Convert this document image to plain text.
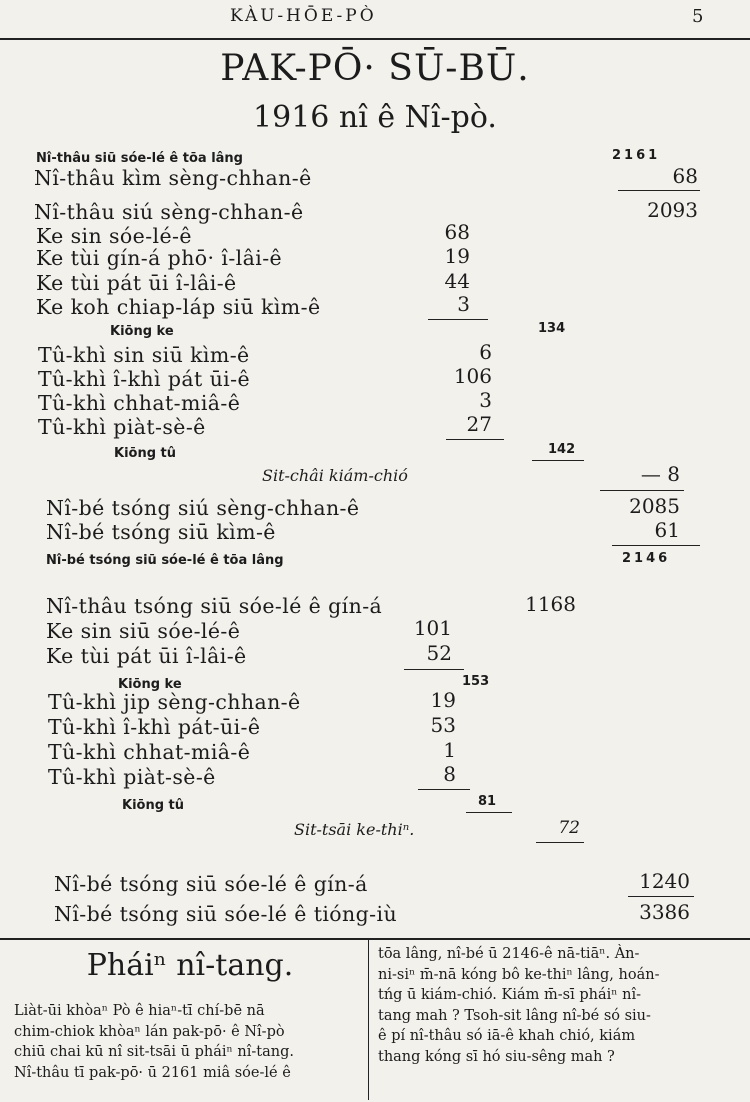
KÀU-HŌE-PÒ	5
PAK-PŌ· SŪ-BŪ.
1916 nî ê Nî-pò.
Nî-thâu siū sóe-lé ê tōa lâng	2161
Nî-thâu kìm sèng-chhan-ê	68
Nî-thâu siú sèng-chhan-ê	2093
Ke sin sóe-lé-ê	68
Ke tùi gín-á phō· î-lâi-ê	19
Ke tùi pát ūi î-lâi-ê	44
Ke koh chiap-láp siū kìm-ê	3
Kiōng ke	134
Tû-khì sin siū kìm-ê	6
Tû-khì î-khì pát ūi-ê	106
Tû-khì chhat-miâ-ê	3
Tû-khì piàt-sè-ê	27
Kiōng tû	142
Sit-châi kiám-chió	— 8
Nî-bé tsóng siú sèng-chhan-ê	2085
Nî-bé tsóng siū kìm-ê	61
Nî-bé tsóng siū sóe-lé ê tōa lâng	2146
Nî-thâu tsóng siū sóe-lé ê gín-á	1168
Ke sin siū sóe-lé-ê	101
Ke tùi pát ūi î-lâi-ê	52
Kiōng ke	153
Tû-khì jip sèng-chhan-ê	19
Tû-khì î-khì pát-ūi-ê	53
Tû-khì chhat-miâ-ê	1
Tû-khì piàt-sè-ê	8
Kiōng tû	81
Sit-tsāi ke-thiⁿ.	72
Nî-bé tsóng siū sóe-lé ê gín-á	1240
Nî-bé tsóng siū sóe-lé ê tióng-iù	3386
Pháiⁿ nî-tang.

Liàt-ūi khòaⁿ Pò ê hiaⁿ-tī chí-bē nā

chim-chiok khòaⁿ lán pak-pō· ê Nî-pò

chiū chai kū nî sit-tsāi ū pháiⁿ nî-tang.

Nî-thâu tī pak-pō· ū 2161 miâ sóe-lé ê

tōa lâng, nî-bé ū 2146-ê nā-tiāⁿ. Àn-

ni-siⁿ m̄-nā kóng bô ke-thiⁿ lâng, hoán-

tńg ū kiám-chió. Kiám m̄-sī pháiⁿ nî-

tang mah ? Tsoh-sit lâng nî-bé só siu-

ê pí nî-thâu só iā-ê khah chió, kiám

thang kóng sī hó siu-sêng mah ?
